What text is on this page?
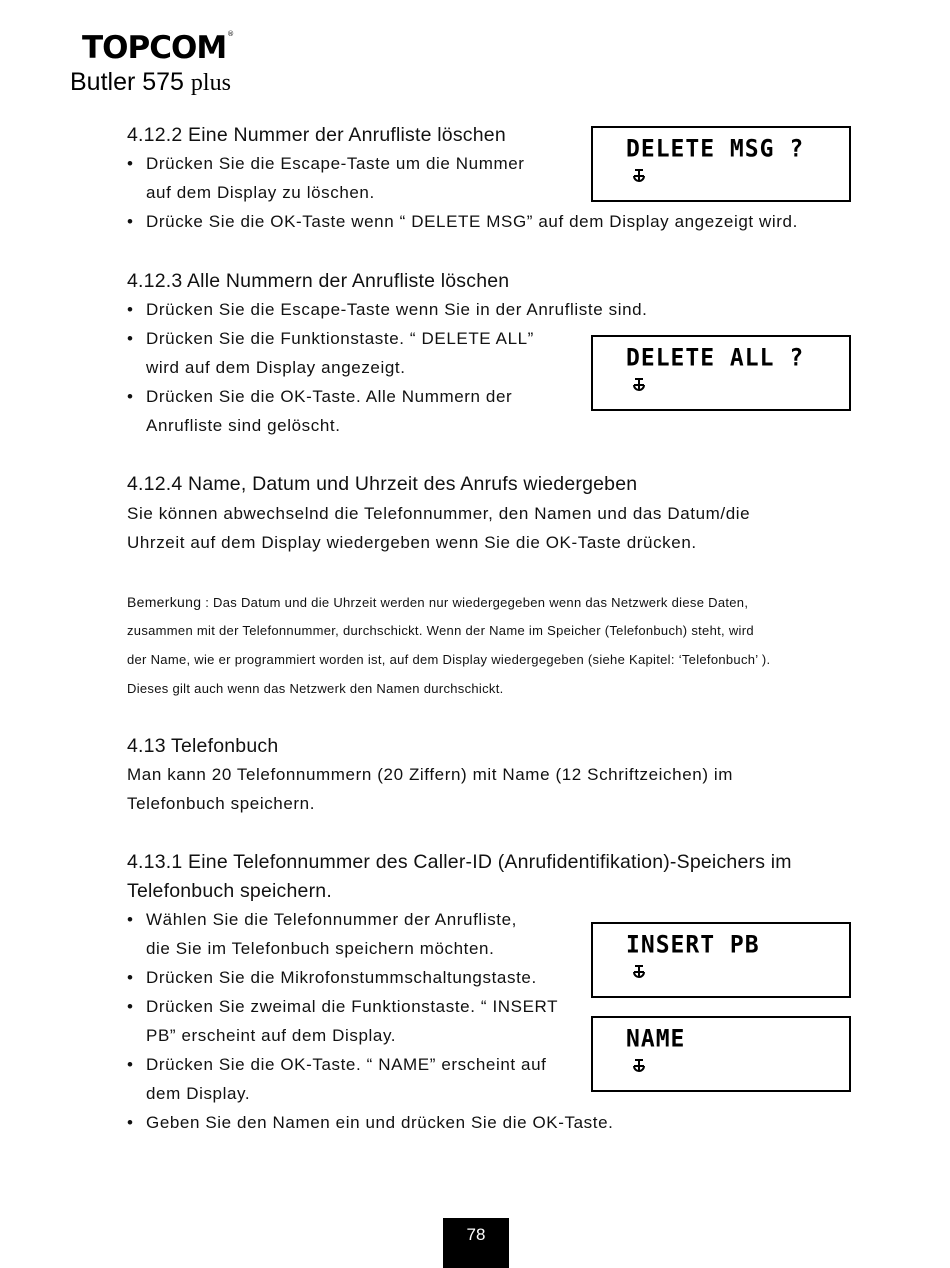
TOPCOM®
Butler 575 plus
4.12.2 Eine Nummer der Anrufliste löschen
• Drücken Sie die Escape-Taste um die Nummer
auf dem Display zu löschen.
• Drücke Sie die OK-Taste wenn “ DELETE MSG” auf dem Display angezeigt wird.
4.12.3 Alle Nummern der Anrufliste löschen
• Drücken Sie die Escape-Taste wenn Sie in der Anrufliste sind.
• Drücken Sie die Funktionstaste. “ DELETE ALL”
wird auf dem Display angezeigt.
• Drücken Sie die OK-Taste. Alle Nummern der
Anrufliste sind gelöscht.
4.12.4 Name, Datum und Uhrzeit des Anrufs wiedergeben
Sie können abwechselnd die Telefonnummer, den Namen und das Datum/die
Uhrzeit auf dem Display wiedergeben wenn Sie die OK-Taste drücken.
Bemerkung : Das Datum und die Uhrzeit werden nur wiedergegeben wenn das Netzwerk diese Daten,
zusammen mit der Telefonnummer, durchschickt. Wenn der Name im Speicher (Telefonbuch) steht, wird
der Name, wie er programmiert worden ist, auf dem Display wiedergegeben (siehe Kapitel: ‘Telefonbuch’ ).
Dieses gilt auch wenn das Netzwerk den Namen durchschickt.
4.13 Telefonbuch
Man kann 20 Telefonnummern (20 Ziffern) mit Name (12 Schriftzeichen) im
Telefonbuch speichern.
4.13.1 Eine Telefonnummer des Caller-ID (Anrufidentifikation)-Speichers im
Telefonbuch speichern.
• Wählen Sie die Telefonnummer der Anrufliste,
die Sie im Telefonbuch speichern möchten.
• Drücken Sie die Mikrofonstummschaltungstaste.
• Drücken Sie zweimal die Funktionstaste. “ INSERT
PB” erscheint auf dem Display.
• Drücken Sie die OK-Taste. “ NAME” erscheint auf
dem Display.
• Geben Sie den Namen ein und drücken Sie die OK-Taste.
DELETE MSG ?
DELETE ALL ?
INSERT PB
NAME
78
